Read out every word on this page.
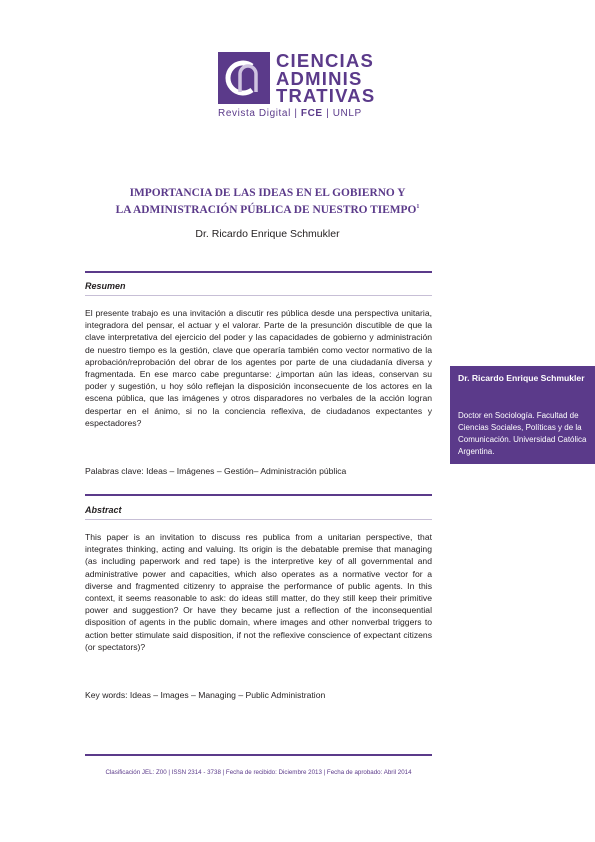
CIENCIAS
ADMINIS
TRATIVAS
Revista Digital | FCE | UNLP
IMPORTANCIA DE LAS IDEAS EN EL GOBIERNO Y
LA ADMINISTRACIÓN PÚBLICA DE NUESTRO TIEMPO$^1$
Dr. Ricardo Enrique Schmukler
Resumen
El presente trabajo es una invitación a discutir res pública desde una perspectiva unitaria, integradora del pensar, el actuar y el valorar. Parte de la presunción discutible de que la clave interpretativa del ejercicio del poder y las capacidades de gobierno y administración de nuestro tiempo es la gestión, clave que operaría también como vector normativo de la aprobación/reprobación del obrar de los agentes por parte de una ciudadanía diversa y fragmentada. En ese marco cabe preguntarse: ¿importan aún las ideas, conservan su poder y sugestión, u hoy sólo reflejan la disposición inconsecuente de los actores en la escena pública, que las imágenes y otros disparadores no verbales de la acción logran despertar en el ánimo, si no la conciencia reflexiva, de ciudadanos expectantes y espectadores?
Palabras clave: Ideas – Imágenes – Gestión– Administración pública
Dr. Ricardo Enrique Schmukler
Doctor en Sociología. Facultad de Ciencias Sociales, Políticas y de la Comunicación. Universidad Católica Argentina.
Abstract
This paper is an invitation to discuss res publica from a unitarian perspective, that integrates thinking, acting and valuing. Its origin is the debatable premise that managing (as including paperwork and red tape) is the interpretive key of all governmental and administrative power and capacities, which also operates as a normative vector for a diverse and fragmented citizenry to appraise the performance of public agents. In this context, it seems reasonable to ask: do ideas still matter, do they still keep their primitive power and suggestion? Or have they became just a reflection of the inconsequential disposition of agents in the public domain, where images and other nonverbal triggers to action better stimulate said disposition, if not the reflexive conscience of expectant citizens (or spectators)?
Key words: Ideas – Images – Managing – Public Administration
Clasificación JEL: Z00 | ISSN 2314 - 3738 | Fecha de recibido: Diciembre 2013 | Fecha de aprobado: Abril 2014
